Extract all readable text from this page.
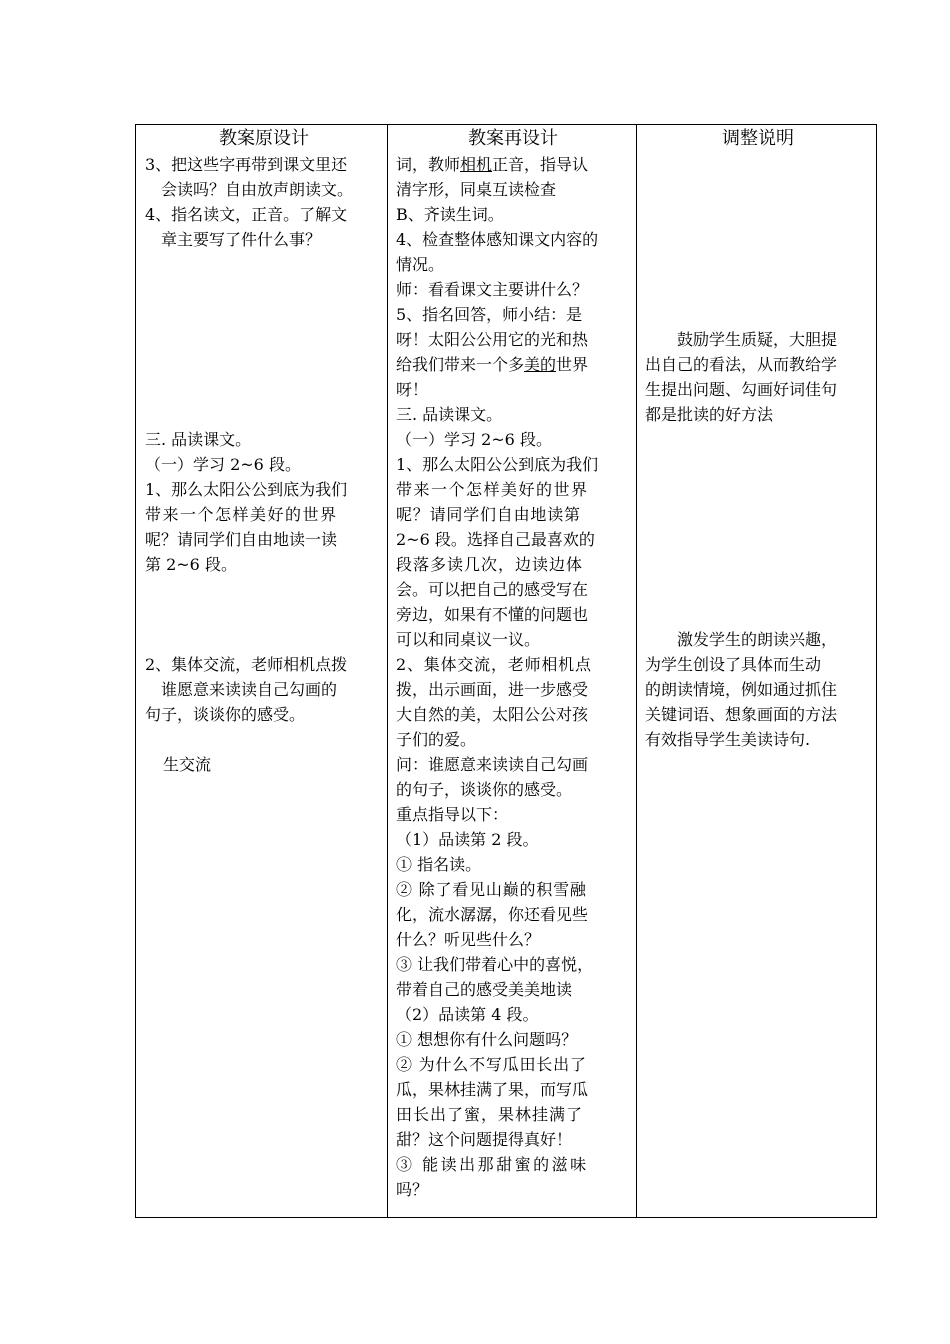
教案原设计
3、把这些字再带到课文里还
会读吗？自由放声朗读文。
4、指名读文，正音。了解文
章主要写了件什么事？
三. 品读课文。
（一）学习 2~6 段。
1、那么太阳公公到底为我们
带来一个怎样美好的世界
呢？请同学们自由地读一读
第 2~6 段。
2、集体交流，老师相机点拨
谁愿意来读读自己勾画的
句子，谈谈你的感受。
生交流
教案再设计
词，教师相机正音，指导认
清字形，同桌互读检查
B、齐读生词。
4、检查整体感知课文内容的
情况。
师：看看课文主要讲什么？
5、指名回答，师小结：是
呀！太阳公公用它的光和热
给我们带来一个多美的世界
呀！
三. 品读课文。
（一）学习 2~6 段。
1、那么太阳公公到底为我们
带来一个怎样美好的世界
呢？请同学们自由地读第
2~6 段。选择自己最喜欢的
段落多读几次，边读边体
会。可以把自己的感受写在
旁边，如果有不懂的问题也
可以和同桌议一议。
2、集体交流，老师相机点
拨，出示画面，进一步感受
大自然的美，太阳公公对孩
子们的爱。
问：谁愿意来读读自己勾画
的句子，谈谈你的感受。
重点指导以下：
（1）品读第 2 段。
① 指名读。
② 除了看见山巅的积雪融
化，流水潺潺，你还看见些
什么？听见些什么？
③ 让我们带着心中的喜悦，
带着自己的感受美美地读
（2）品读第 4 段。
① 想想你有什么问题吗？
② 为什么不写瓜田长出了
瓜，果林挂满了果，而写瓜
田长出了蜜，果林挂满了
甜？这个问题提得真好！
③ 能读出那甜蜜的滋味
吗？
调整说明
鼓励学生质疑，大胆提
出自己的看法，从而教给学
生提出问题、勾画好词佳句
都是批读的好方法
激发学生的朗读兴趣，
为学生创设了具体而生动
的朗读情境，例如通过抓住
关键词语、想象画面的方法
有效指导学生美读诗句.
